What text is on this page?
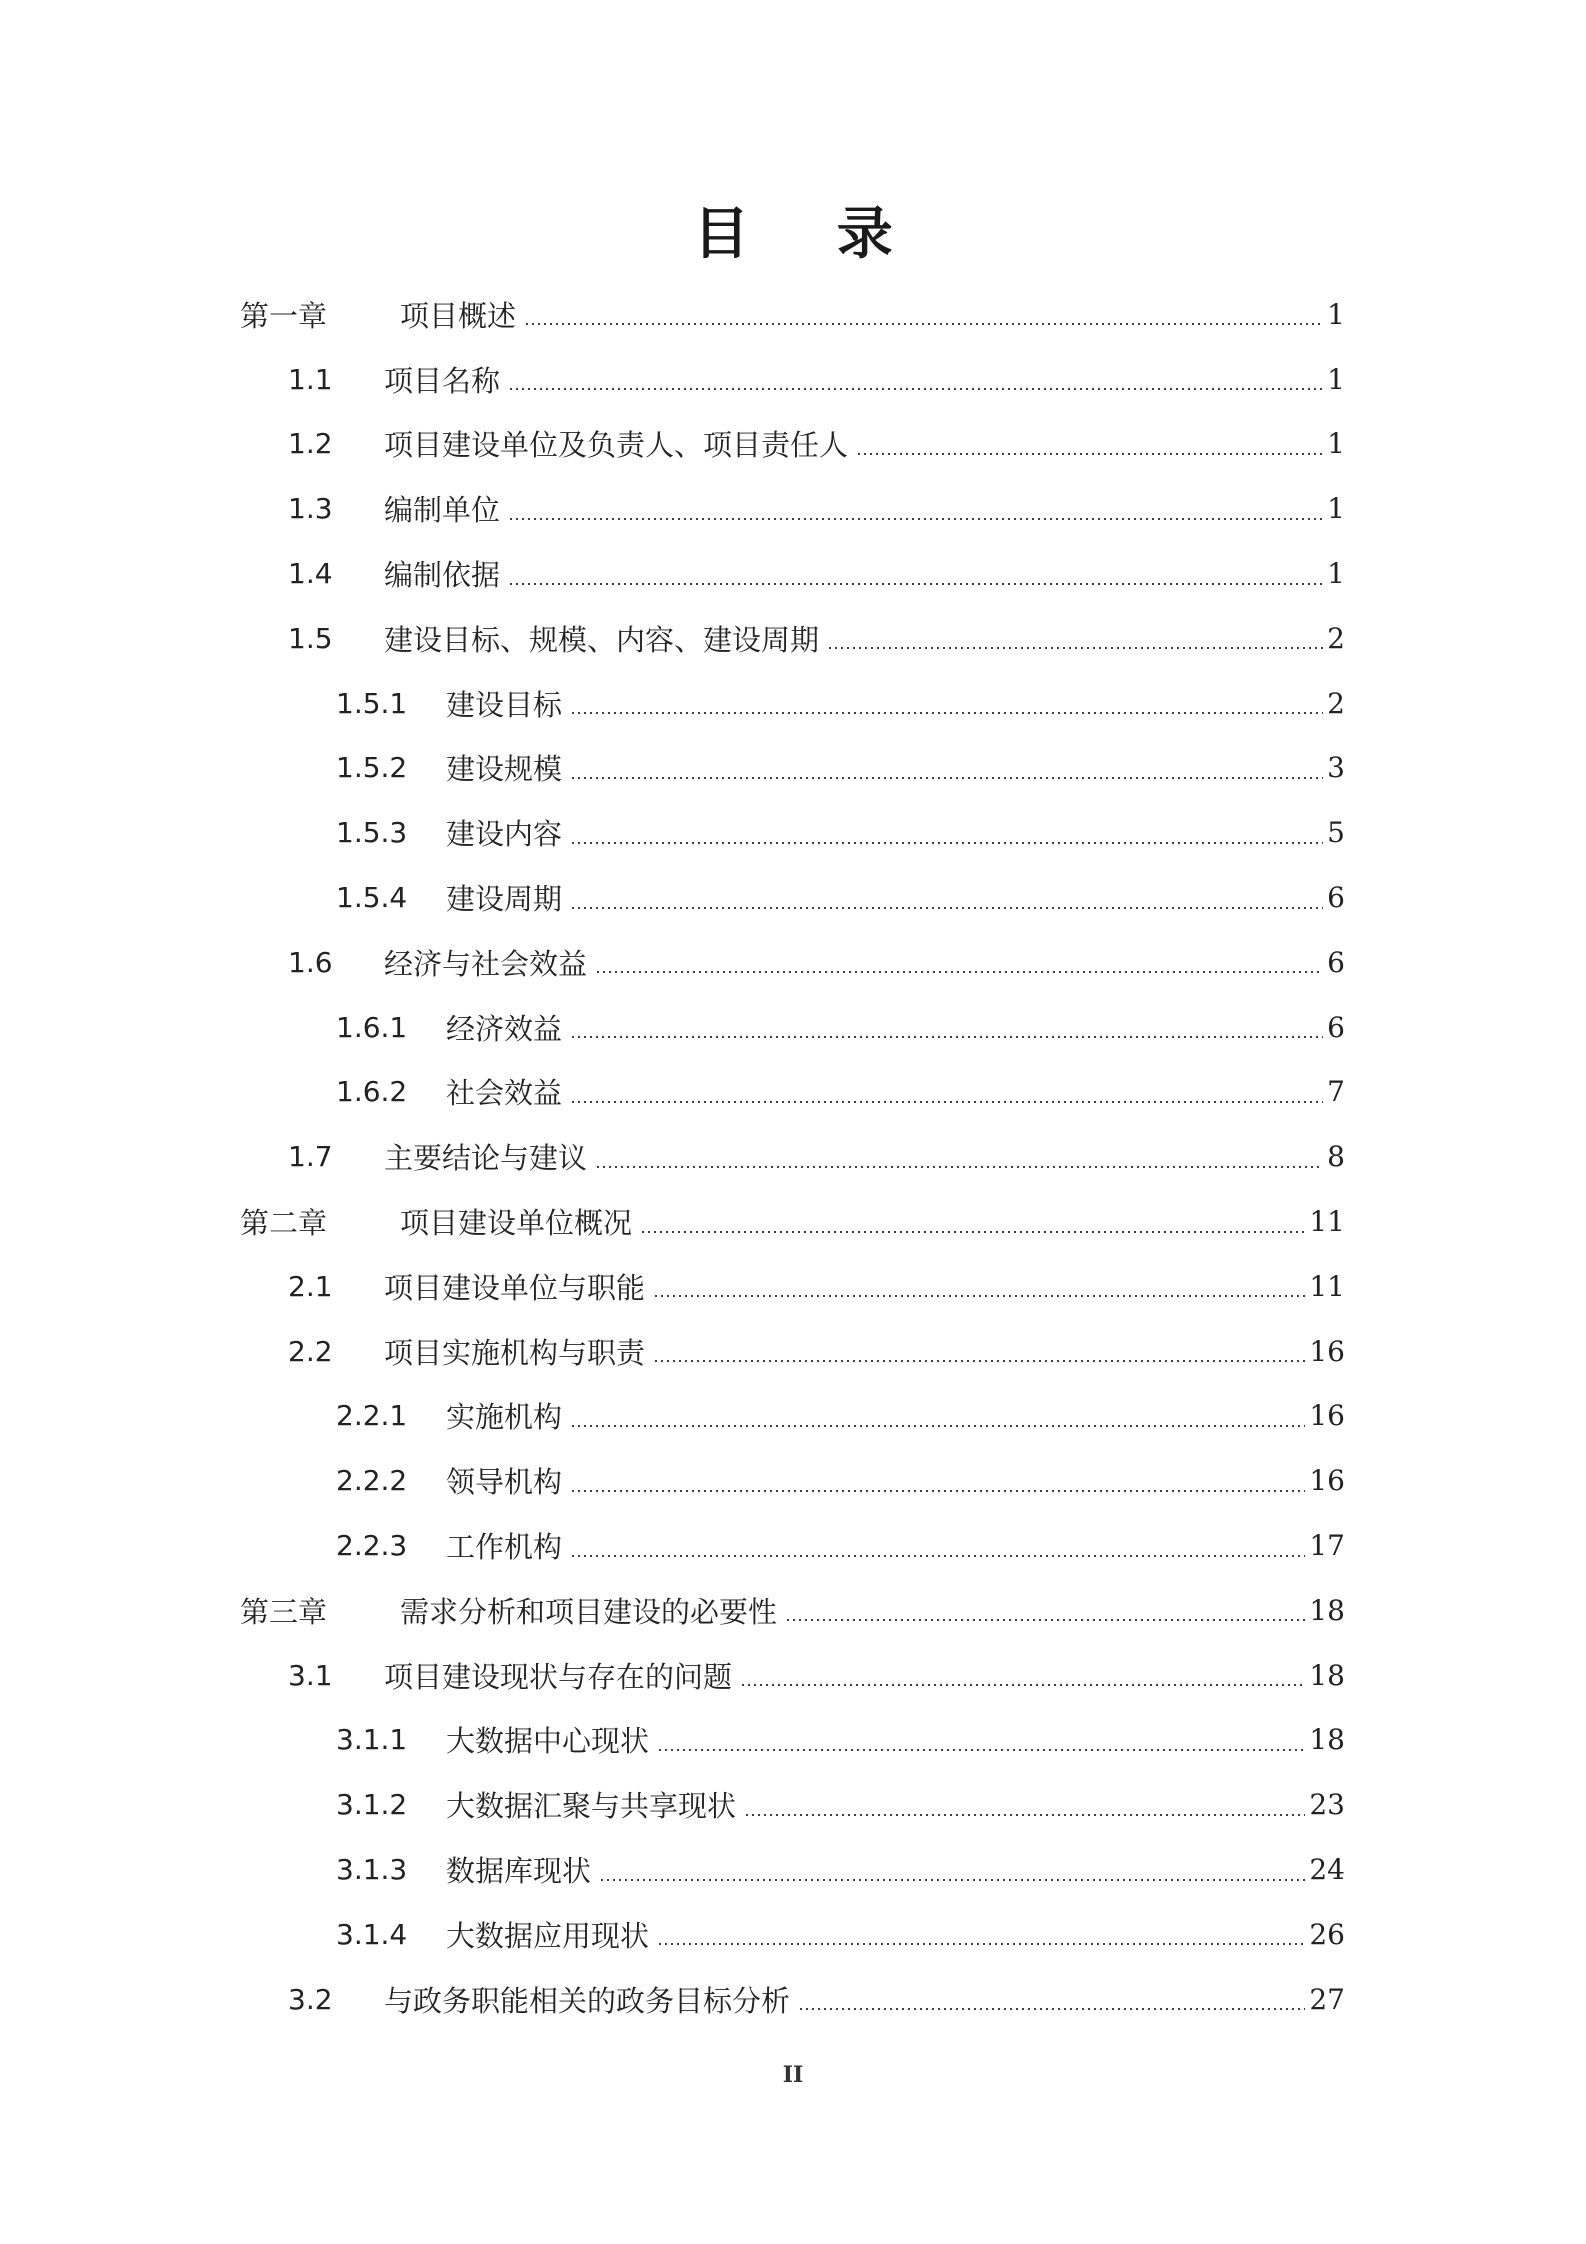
目 录
第一章	项目概述	1
1.1	项目名称	1
1.2	项目建设单位及负责人、项目责任人	1
1.3	编制单位	1
1.4	编制依据	1
1.5	建设目标、规模、内容、建设周期	2
1.5.1	建设目标	2
1.5.2	建设规模	3
1.5.3	建设内容	5
1.5.4	建设周期	6
1.6	经济与社会效益	6
1.6.1	经济效益	6
1.6.2	社会效益	7
1.7	主要结论与建议	8
第二章	项目建设单位概况	11
2.1	项目建设单位与职能	11
2.2	项目实施机构与职责	16
2.2.1	实施机构	16
2.2.2	领导机构	16
2.2.3	工作机构	17
第三章	需求分析和项目建设的必要性	18
3.1	项目建设现状与存在的问题	18
3.1.1	大数据中心现状	18
3.1.2	大数据汇聚与共享现状	23
3.1.3	数据库现状	24
3.1.4	大数据应用现状	26
3.2	与政务职能相关的政务目标分析	27
II
